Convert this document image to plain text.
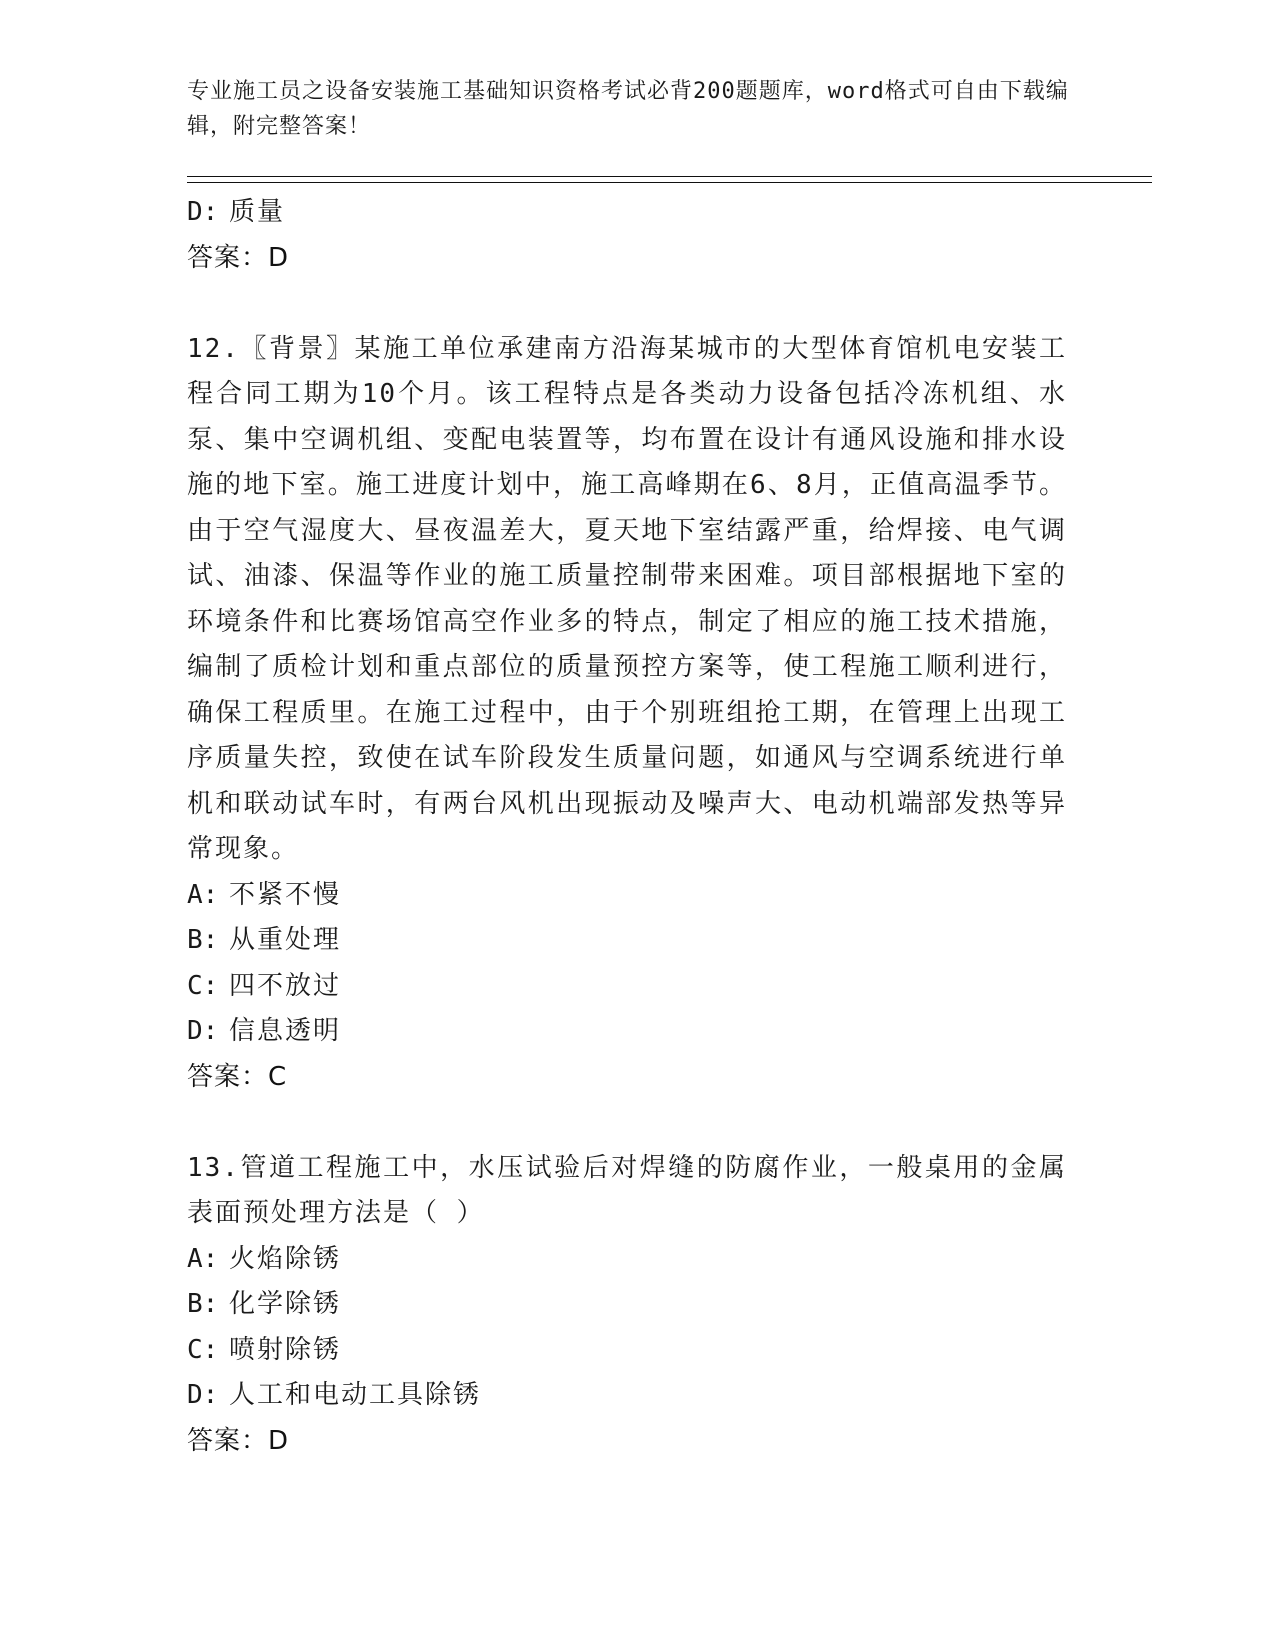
专业施工员之设备安装施工基础知识资格考试必背200题题库，word格式可自由下载编辑，附完整答案！
D: 质量
答案：D
12.〖背景〗某施工单位承建南方沿海某城市的大型体育馆机电安装工程合同工期为10个月。该工程特点是各类动力设备包括冷冻机组、水泵、集中空调机组、变配电装置等，均布置在设计有通风设施和排水设施的地下室。施工进度计划中，施工高峰期在6、8月，正值高温季节。由于空气湿度大、昼夜温差大，夏天地下室结露严重，给焊接、电气调试、油漆、保温等作业的施工质量控制带来困难。项目部根据地下室的环境条件和比赛场馆高空作业多的特点，制定了相应的施工技术措施，编制了质检计划和重点部位的质量预控方案等，使工程施工顺利进行，确保工程质里。在施工过程中，由于个别班组抢工期，在管理上出现工序质量失控，致使在试车阶段发生质量问题，如通风与空调系统进行单机和联动试车时，有两台风机出现振动及噪声大、电动机端部发热等异常现象。
A: 不紧不慢
B: 从重处理
C: 四不放过
D: 信息透明
答案：C
13.管道工程施工中，水压试验后对焊缝的防腐作业，一般桌用的金属表面预处理方法是（ ）
A: 火焰除锈
B: 化学除锈
C: 喷射除锈
D: 人工和电动工具除锈
答案：D
